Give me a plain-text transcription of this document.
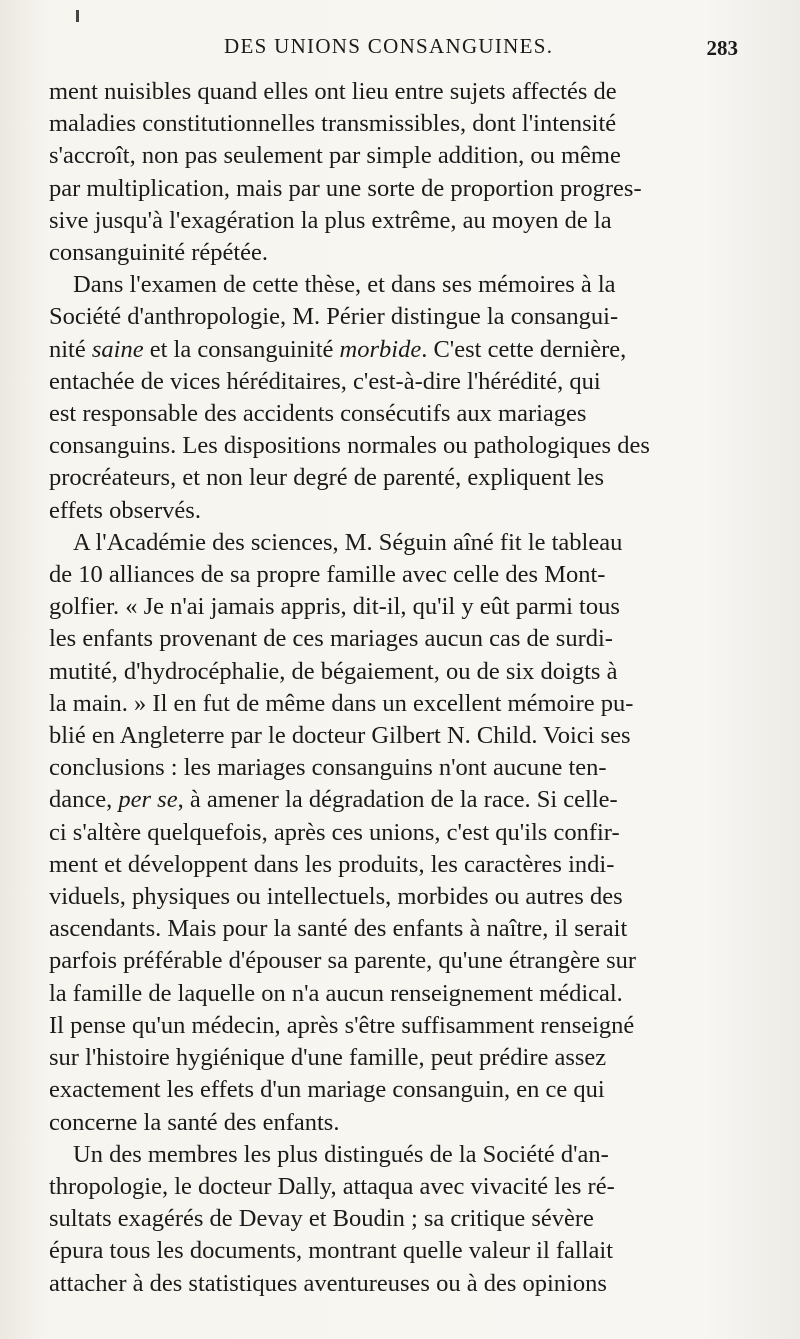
DES UNIONS CONSANGUINES.	283

ment nuisibles quand elles ont lieu entre sujets affectés de
maladies constitutionnelles transmissibles, dont l'intensité
s'accroît, non pas seulement par simple addition, ou même
par multiplication, mais par une sorte de proportion progres-
sive jusqu'à l'exagération la plus extrême, au moyen de la
consanguinité répétée.

Dans l'examen de cette thèse, et dans ses mémoires à la
Société d'anthropologie, M. Périer distingue la consangui-
nité saine et la consanguinité morbide. C'est cette dernière,
entachée de vices héréditaires, c'est-à-dire l'hérédité, qui
est responsable des accidents consécutifs aux mariages
consanguins. Les dispositions normales ou pathologiques des
procréateurs, et non leur degré de parenté, expliquent les
effets observés.

A l'Académie des sciences, M. Séguin aîné fit le tableau
de 10 alliances de sa propre famille avec celle des Mont-
golfier. « Je n'ai jamais appris, dit-il, qu'il y eût parmi tous
les enfants provenant de ces mariages aucun cas de surdi-
mutité, d'hydrocéphalie, de bégaiement, ou de six doigts à
la main. » Il en fut de même dans un excellent mémoire pu-
blié en Angleterre par le docteur Gilbert N. Child. Voici ses
conclusions : les mariages consanguins n'ont aucune ten-
dance, per se, à amener la dégradation de la race. Si celle-
ci s'altère quelquefois, après ces unions, c'est qu'ils confir-
ment et développent dans les produits, les caractères indi-
viduels, physiques ou intellectuels, morbides ou autres des
ascendants. Mais pour la santé des enfants à naître, il serait
parfois préférable d'épouser sa parente, qu'une étrangère sur
la famille de laquelle on n'a aucun renseignement médical.
Il pense qu'un médecin, après s'être suffisamment renseigné
sur l'histoire hygiénique d'une famille, peut prédire assez
exactement les effets d'un mariage consanguin, en ce qui
concerne la santé des enfants.

Un des membres les plus distingués de la Société d'an-
thropologie, le docteur Dally, attaqua avec vivacité les ré-
sultats exagérés de Devay et Boudin ; sa critique sévère
épura tous les documents, montrant quelle valeur il fallait
attacher à des statistiques aventureuses ou à des opinions
